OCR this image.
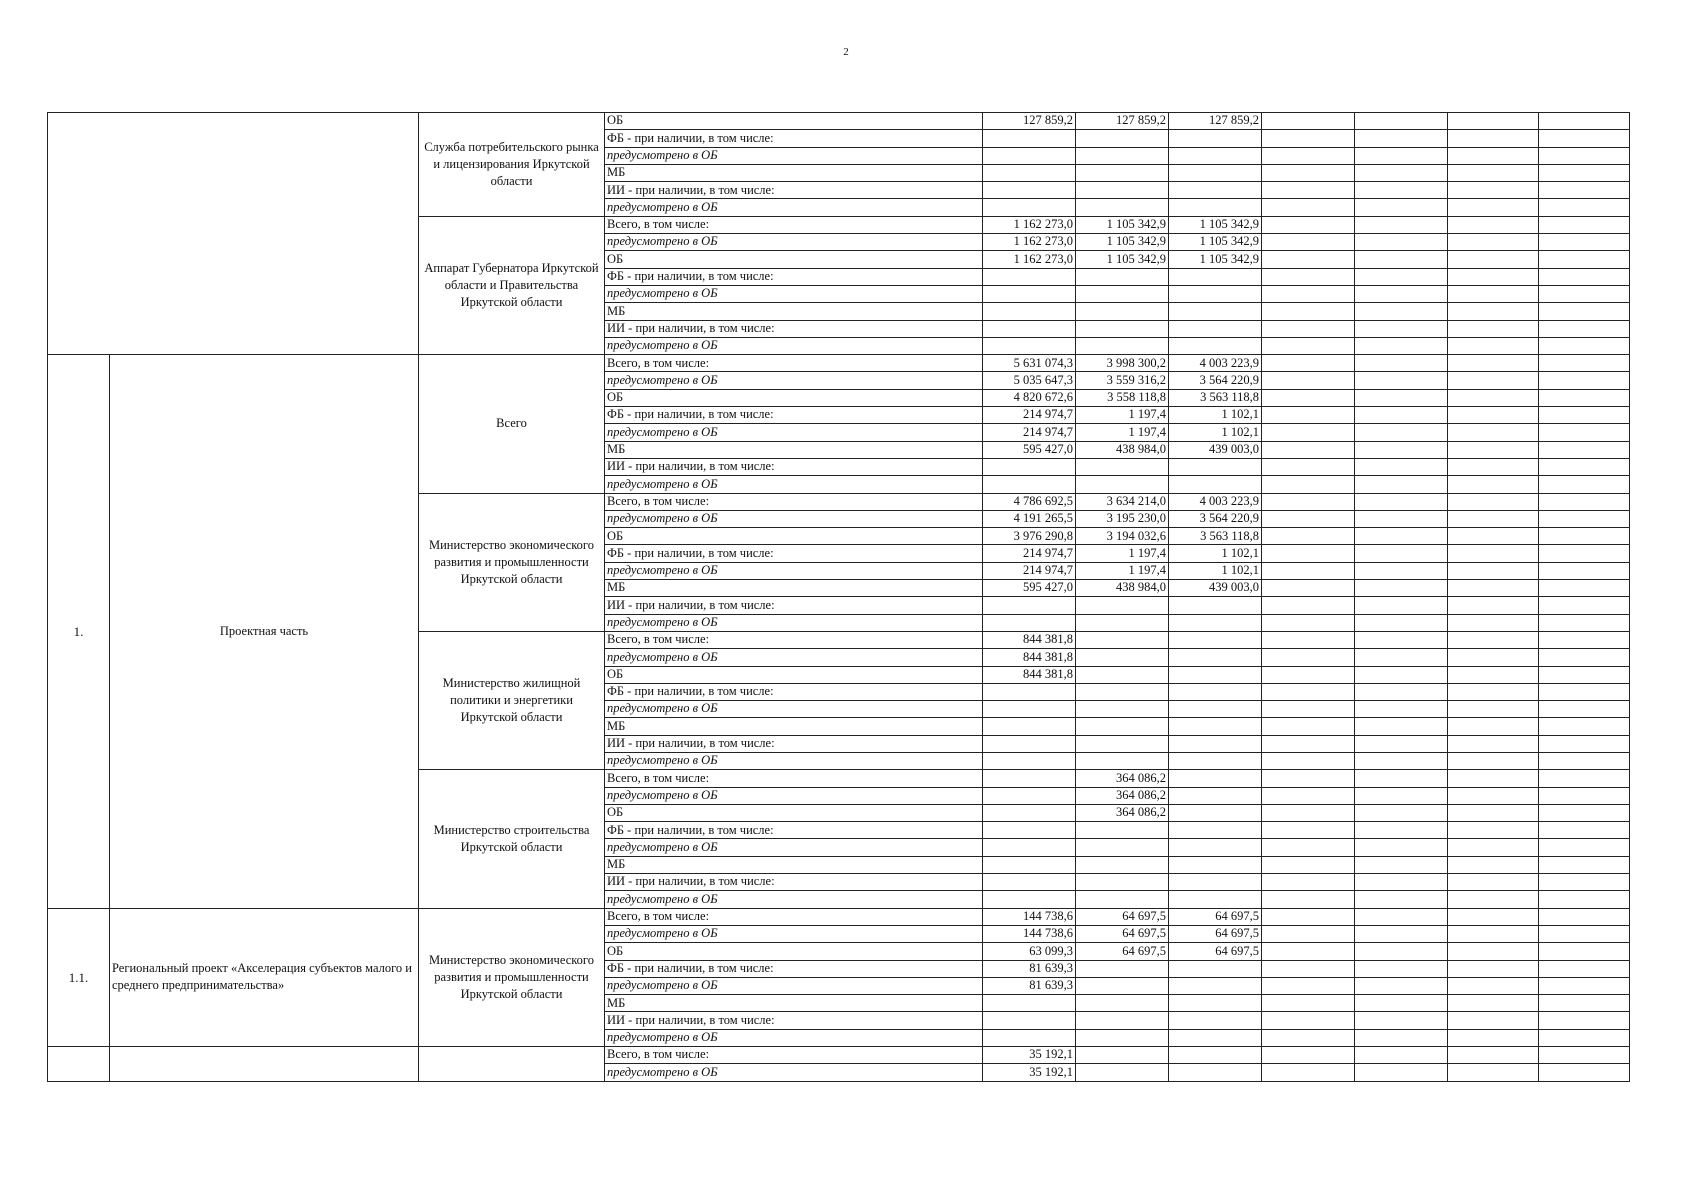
2
		Служба потребительского рынка и лицензирования Иркутской области	ОБ	127 859,2	127 859,2	127 859,2				
			ФБ - при наличии, в том числе:							
			предусмотрено в ОБ							
			МБ							
			ИИ - при наличии, в том числе:							
			предусмотрено в ОБ							
		Аппарат Губернатора Иркутской области и Правительства Иркутской области	Всего, в том числе:	1 162 273,0	1 105 342,9	1 105 342,9				
			предусмотрено в ОБ	1 162 273,0	1 105 342,9	1 105 342,9				
			ОБ	1 162 273,0	1 105 342,9	1 105 342,9				
			ФБ - при наличии, в том числе:							
			предусмотрено в ОБ							
			МБ							
			ИИ - при наличии, в том числе:							
			предусмотрено в ОБ							
1.	Проектная часть	Всего	Всего, в том числе:	5 631 074,3	3 998 300,2	4 003 223,9				
			предусмотрено в ОБ	5 035 647,3	3 559 316,2	3 564 220,9				
			ОБ	4 820 672,6	3 558 118,8	3 563 118,8				
			ФБ - при наличии, в том числе:	214 974,7	1 197,4	1 102,1				
			предусмотрено в ОБ	214 974,7	1 197,4	1 102,1				
			МБ	595 427,0	438 984,0	439 003,0				
			ИИ - при наличии, в том числе:							
			предусмотрено в ОБ							
		Министерство экономического развития и промышленности Иркутской области	Всего, в том числе:	4 786 692,5	3 634 214,0	4 003 223,9				
			предусмотрено в ОБ	4 191 265,5	3 195 230,0	3 564 220,9				
			ОБ	3 976 290,8	3 194 032,6	3 563 118,8				
			ФБ - при наличии, в том числе:	214 974,7	1 197,4	1 102,1				
			предусмотрено в ОБ	214 974,7	1 197,4	1 102,1				
			МБ	595 427,0	438 984,0	439 003,0				
			ИИ - при наличии, в том числе:							
			предусмотрено в ОБ							
		Министерство жилищной политики и энергетики Иркутской области	Всего, в том числе:	844 381,8						
			предусмотрено в ОБ	844 381,8						
			ОБ	844 381,8						
			ФБ - при наличии, в том числе:							
			предусмотрено в ОБ							
			МБ							
			ИИ - при наличии, в том числе:							
			предусмотрено в ОБ							
		Министерство строительства Иркутской области	Всего, в том числе:		364 086,2					
			предусмотрено в ОБ		364 086,2					
			ОБ		364 086,2					
			ФБ - при наличии, в том числе:							
			предусмотрено в ОБ							
			МБ							
			ИИ - при наличии, в том числе:							
			предусмотрено в ОБ							
1.1.	Региональный проект «Акселерация субъектов малого и среднего предпринимательства»	Министерство экономического развития и промышленности Иркутской области	Всего, в том числе:	144 738,6	64 697,5	64 697,5				
			предусмотрено в ОБ	144 738,6	64 697,5	64 697,5				
			ОБ	63 099,3	64 697,5	64 697,5				
			ФБ - при наличии, в том числе:	81 639,3						
			предусмотрено в ОБ	81 639,3						
			МБ							
			ИИ - при наличии, в том числе:							
			предусмотрено в ОБ							
			Всего, в том числе:	35 192,1						
			предусмотрено в ОБ	35 192,1						
